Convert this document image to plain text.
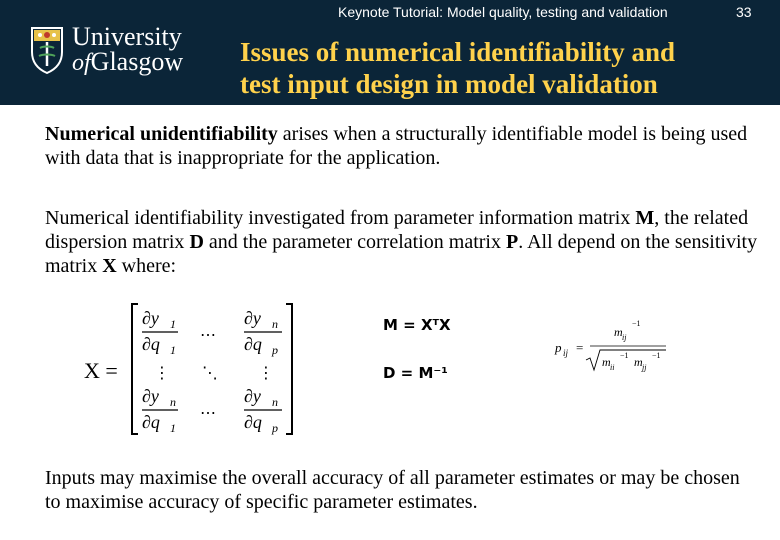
Keynote Tutorial: Model quality, testing and validation	33
University
ofGlasgow Issues of numerical identifiability and
test input design in model validation
Numerical unidentifiability arises when a structurally identifiable model is being used with data that is inappropriate for the application.
Numerical identifiability investigated from parameter information matrix M, the related dispersion matrix D and the parameter correlation matrix P. All depend on the sensitivity matrix X where:
X =
∂y 1
∂q 1
∂y n
∂q p
∂y n
∂q 1
∂y n
∂q p
…
…
⋮	⋮
⋱
M = XᵀX
D = M⁻¹
p ij =
m ij
−1
m ii
−1 m jj
−1
Inputs may maximise the overall accuracy of all parameter estimates or may be chosen to maximise accuracy of specific parameter estimates.
